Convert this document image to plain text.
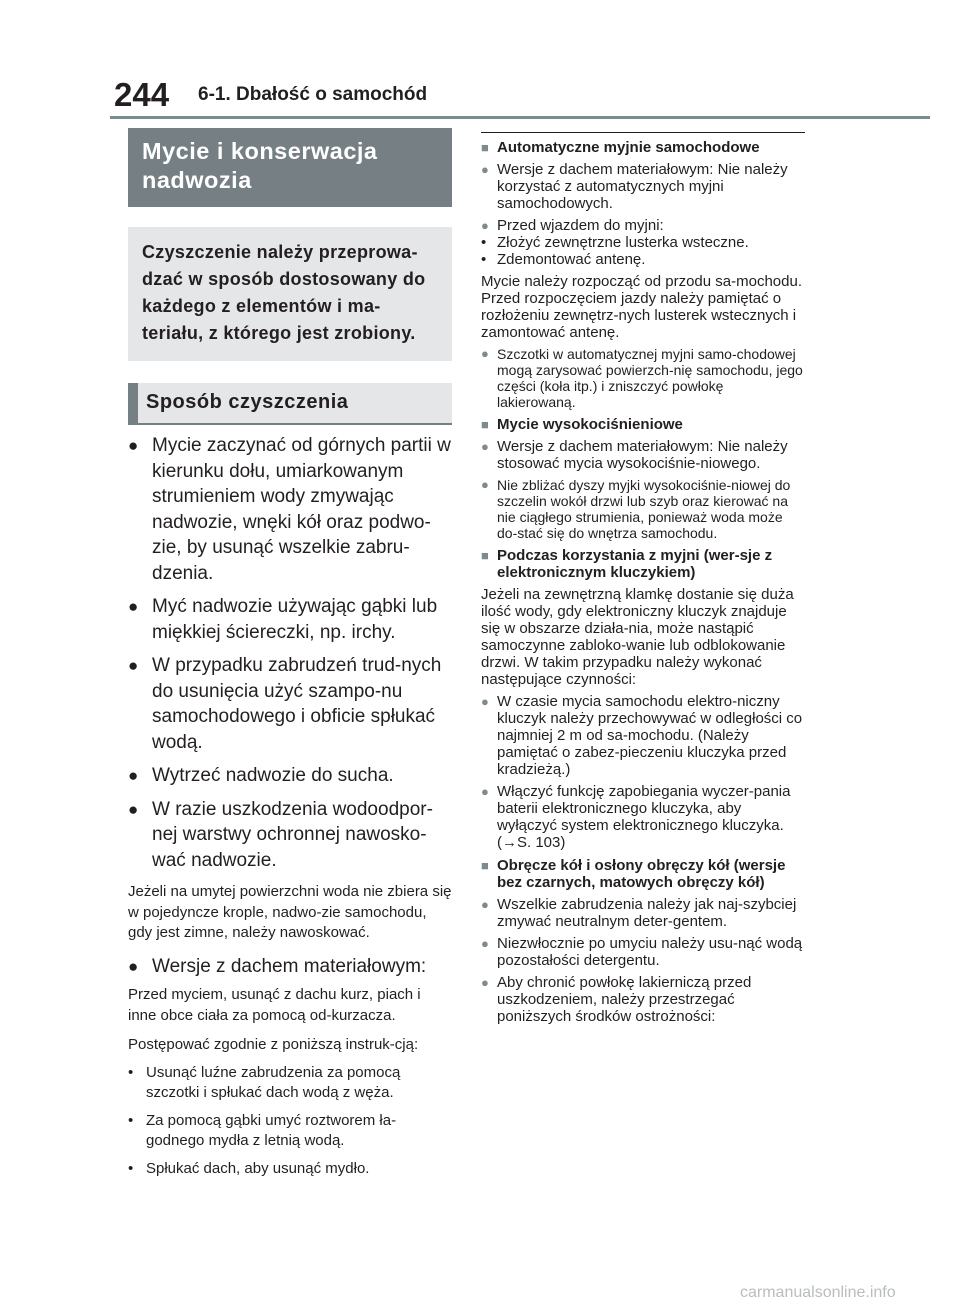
244 6-1. Dbałość o samochód
Mycie i konserwacja nadwozia
Czyszczenie należy przeprowa-dzać w sposób dostosowany do każdego z elementów i ma-teriału, z którego jest zrobiony.
Sposób czyszczenia
● Mycie zaczynać od górnych partii w kierunku dołu, umiarkowanym strumieniem wody zmywając nadwozie, wnęki kół oraz podwo-zie, by usunąć wszelkie zabru-dzenia.
● Myć nadwozie używając gąbki lub miękkiej ściereczki, np. irchy.
● W przypadku zabrudzeń trud-nych do usunięcia użyć szampo-nu samochodowego i obficie spłukać wodą.
● Wytrzeć nadwozie do sucha.
● W razie uszkodzenia wodoodpor-nej warstwy ochronnej nawosko-wać nadwozie.
Jeżeli na umytej powierzchni woda nie zbiera się w pojedyncze krople, nadwo-zie samochodu, gdy jest zimne, należy nawoskować.
● Wersje z dachem materiałowym:
Przed myciem, usunąć z dachu kurz, piach i inne obce ciała za pomocą od-kurzacza.
Postępować zgodnie z poniższą instruk-cją:
• Usunąć luźne zabrudzenia za pomocą szczotki i spłukać dach wodą z węża.
• Za pomocą gąbki umyć roztworem ła-godnego mydła z letnią wodą.
• Spłukać dach, aby usunąć mydło.
■ Automatyczne myjnie samochodowe
● Wersje z dachem materiałowym: Nie należy korzystać z automatycznych myjni samochodowych.
● Przed wjazdem do myjni:
• Złożyć zewnętrzne lusterka wsteczne.
• Zdemontować antenę.
Mycie należy rozpocząć od przodu sa-mochodu. Przed rozpoczęciem jazdy należy pamiętać o rozłożeniu zewnętrz-nych lusterek wstecznych i zamontować antenę.
● Szczotki w automatycznej myjni samo-chodowej mogą zarysować powierzch-nię samochodu, jego części (koła itp.) i zniszczyć powłokę lakierowaną.
■ Mycie wysokociśnieniowe
● Wersje z dachem materiałowym: Nie należy stosować mycia wysokociśnie-niowego.
● Nie zbliżać dyszy myjki wysokociśnie-niowej do szczelin wokół drzwi lub szyb oraz kierować na nie ciągłego strumienia, ponieważ woda może do-stać się do wnętrza samochodu.
■ Podczas korzystania z myjni (wer-sje z elektronicznym kluczykiem)
Jeżeli na zewnętrzną klamkę dostanie się duża ilość wody, gdy elektroniczny kluczyk znajduje się w obszarze działa-nia, może nastąpić samoczynne zabloko-wanie lub odblokowanie drzwi. W takim przypadku należy wykonać następujące czynności:
● W czasie mycia samochodu elektro-niczny kluczyk należy przechowywać w odległości co najmniej 2 m od sa-mochodu. (Należy pamiętać o zabez-pieczeniu kluczyka przed kradzieżą.)
● Włączyć funkcję zapobiegania wyczer-pania baterii elektronicznego kluczyka, aby wyłączyć system elektronicznego kluczyka. (→S. 103)
■ Obręcze kół i osłony obręczy kół (wersje bez czarnych, matowych obręczy kół)
● Wszelkie zabrudzenia należy jak naj-szybciej zmywać neutralnym deter-gentem.
● Niezwłocznie po umyciu należy usu-nąć wodą pozostałości detergentu.
● Aby chronić powłokę lakierniczą przed uszkodzeniem, należy przestrzegać poniższych środków ostrożności:
carmanualsonline.info
